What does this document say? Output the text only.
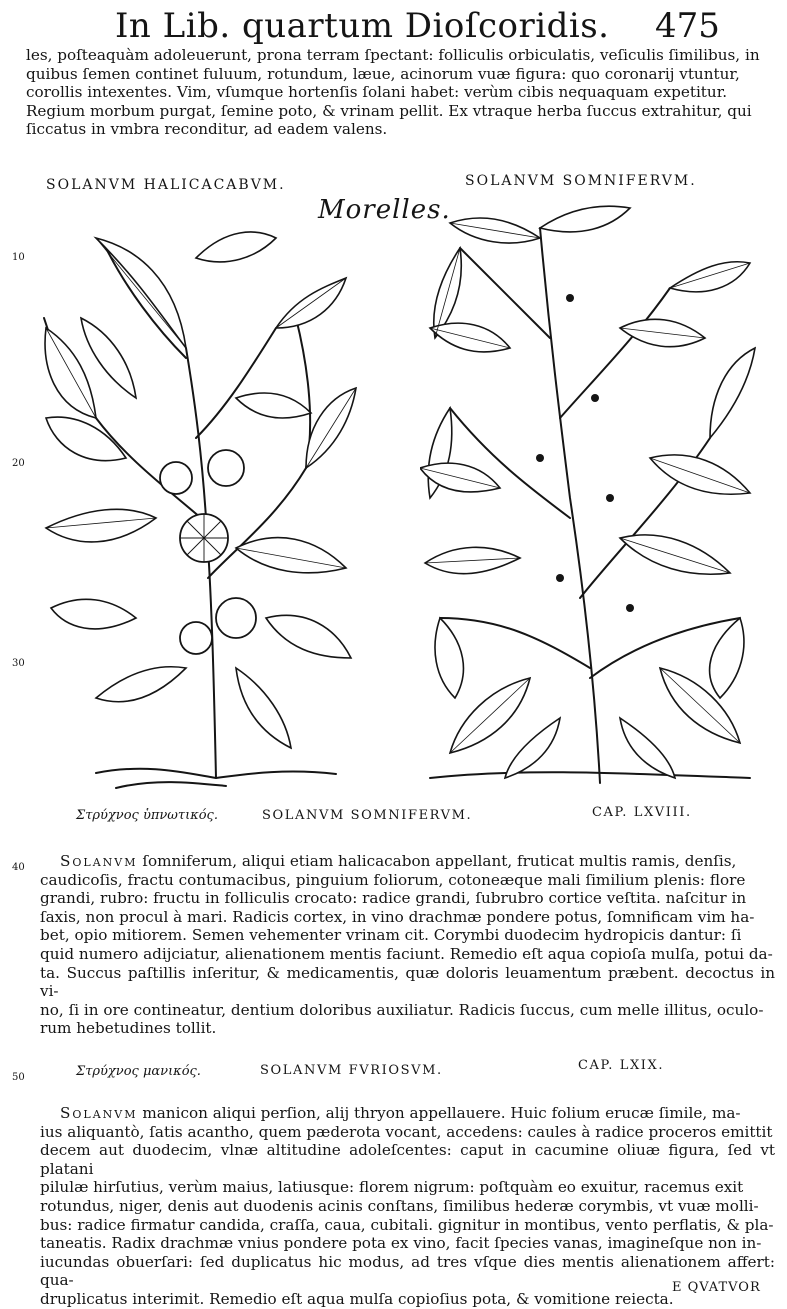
In Lib. quartum Dioſcoridis. 475

les, poſteaquàm adoleuerunt, prona terram ſpectant: folliculis orbiculatis, veſiculis ſimilibus, in

quibus ſemen continet fuluum, rotundum, læue, acinorum vuæ figura: quo coronarij vtuntur,

corollis intexentes. Vim, vſumque hortenſis ſolani habet: verùm cibis nequaquam expetitur.

Regium morbum purgat, ſemine poto, & vrinam pellit. Ex vtraque herba ſuccus extrahitur, qui

ſiccatus in vmbra reconditur, ad eadem valens.

SOLANVM HALICACABVM.	SOLANVM SOMNIFERVM.
Morelles.
10
20
30
40
50
Στρύχνος ὑπνωτικός.	SOLANVM SOMNIFERVM.	CAP. LXVIII.

Solanvm ſomniferum, aliqui etiam halicacabon appellant, fruticat multis ramis, denſis,

caudicoſis, fractu contumacibus, pinguium foliorum, cotoneæque mali ſimilium plenis: flore

grandi, rubro: fructu in folliculis crocato: radice grandi, ſubrubro cortice veſtita. naſcitur in

ſaxis, non procul à mari. Radicis cortex, in vino drachmæ pondere potus, ſomnificam vim ha-

bet, opio mitiorem. Semen vehementer vrinam cit. Corymbi duodecim hydropicis dantur: ſi

quid numero adijciatur, alienationem mentis faciunt. Remedio eſt aqua copioſa mulſa, potui da-

ta. Succus paſtillis inſeritur, & medicamentis, quæ doloris leuamentum præbent. decoctus in vi-

no, ſi in ore contineatur, dentium doloribus auxiliatur. Radicis ſuccus, cum melle illitus, oculo-

rum hebetudines tollit.

Στρύχνος μανικός.	SOLANVM FVRIOSVM.	CAP. LXIX.

Solanvm manicon aliqui perſion, alij thryon appellauere. Huic folium erucæ ſimile, ma-

ius aliquantò, ſatis acantho, quem pæderota vocant, accedens: caules à radice proceros emittit

decem aut duodecim, vlnæ altitudine adoleſcentes: caput in cacumine oliuæ figura, ſed vt platani

pilulæ hirſutius, verùm maius, latiusque: florem nigrum: poſtquàm eo exuitur, racemus exit

rotundus, niger, denis aut duodenis acinis conſtans, ſimilibus hederæ corymbis, vt vuæ molli-

bus: radice firmatur candida, craſſa, caua, cubitali. gignitur in montibus, vento perflatis, & pla-

taneatis. Radix drachmæ vnius pondere pota ex vino, facit ſpecies vanas, imagineſque non in-

iucundas obuerſari: ſed duplicatus hic modus, ad tres vſque dies mentis alienationem affert: qua-

druplicatus interimit. Remedio eſt aqua mulſa copioſius pota, & vomitione reiecta.

E QVATVOR
